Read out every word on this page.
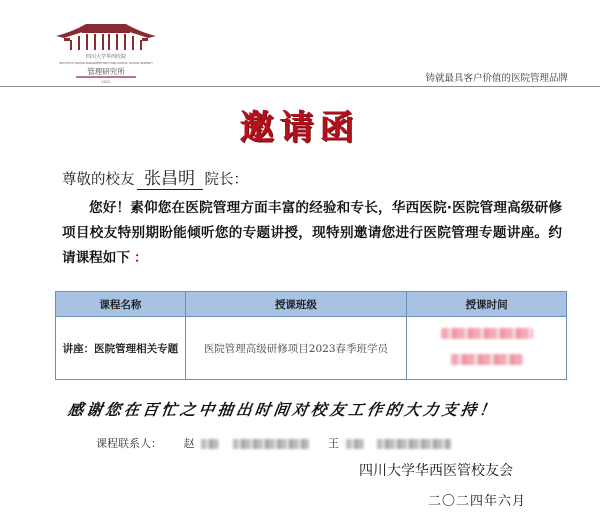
四川大学华西医院
INSTITUTE OF HOSPITAL MANAGEMENT WEST CHINA HOSPITAL, SICHUAN UNIVERSITY
管理研究所
2002	铸就最具客户价值的医院管理品牌
邀请函
尊敬的校友 张昌明 院长：
您好！素仰您在医院管理方面丰富的经验和专长，华西医院·医院管理高级研修项目校友特别期盼能倾听您的专题讲授，现特别邀请您进行医院管理专题讲座。约请课程如下 ：
课程名称	授课班级	授课时间
讲座：医院管理相关专题	医院管理高级研修项目2023春季班学员	

感谢您在百忙之中抽出时间对校友工作的大力支持！
课程联系人： 赵	王
四川大学华西医管校友会
二〇二四年六月
